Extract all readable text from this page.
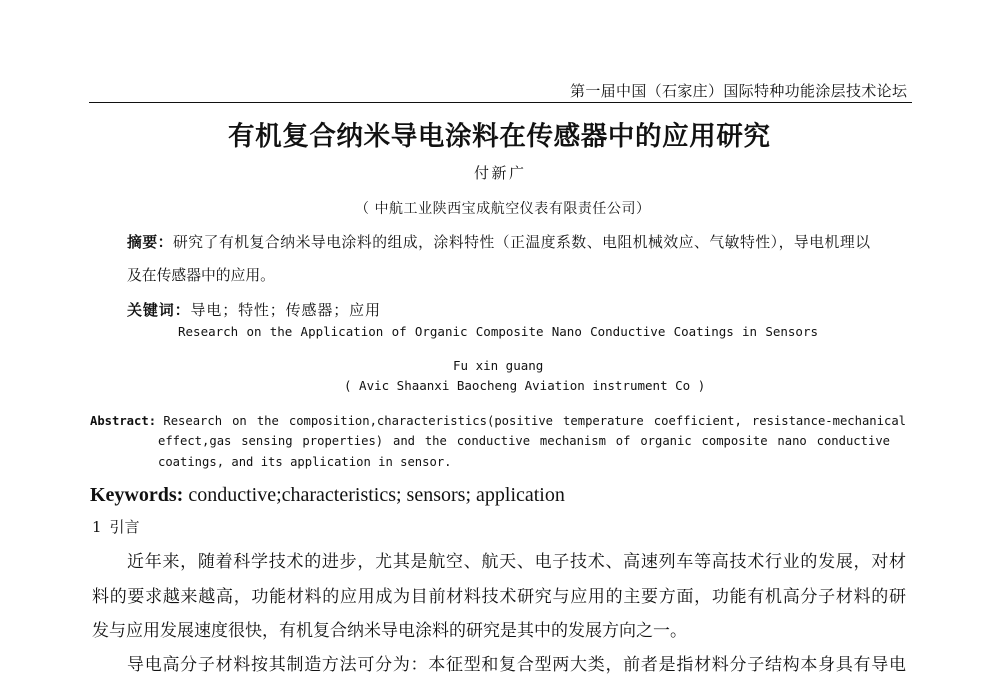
第一届中国（石家庄）国际特种功能涂层技术论坛
有机复合纳米导电涂料在传感器中的应用研究
付新广
（ 中航工业陕西宝成航空仪表有限责任公司）
摘要：研究了有机复合纳米导电涂料的组成，涂料特性（正温度系数、电阻机械效应、气敏特性），导电机理以
及在传感器中的应用。
关键词：导电；特性；传感器；应用
Research on the Application of Organic Composite Nano Conductive Coatings in Sensors
Fu xin guang
( Avic Shaanxi Baocheng Aviation instrument Co )
Abstract: Research on the composition,characteristics(positive temperature coefficient, resistance-mechanical
effect,gas sensing properties) and the conductive mechanism of organic composite nano conductive
coatings, and its application in sensor.
Keywords: conductive;characteristics; sensors; application
1 引言
近年来，随着科学技术的进步，尤其是航空、航天、电子技术、高速列车等高技术行业的发展，对材
料的要求越来越高，功能材料的应用成为目前材料技术研究与应用的主要方面，功能有机高分子材料的研
发与应用发展速度很快，有机复合纳米导电涂料的研究是其中的发展方向之一。
导电高分子材料按其制造方法可分为：本征型和复合型两大类，前者是指材料分子结构本身具有导电
